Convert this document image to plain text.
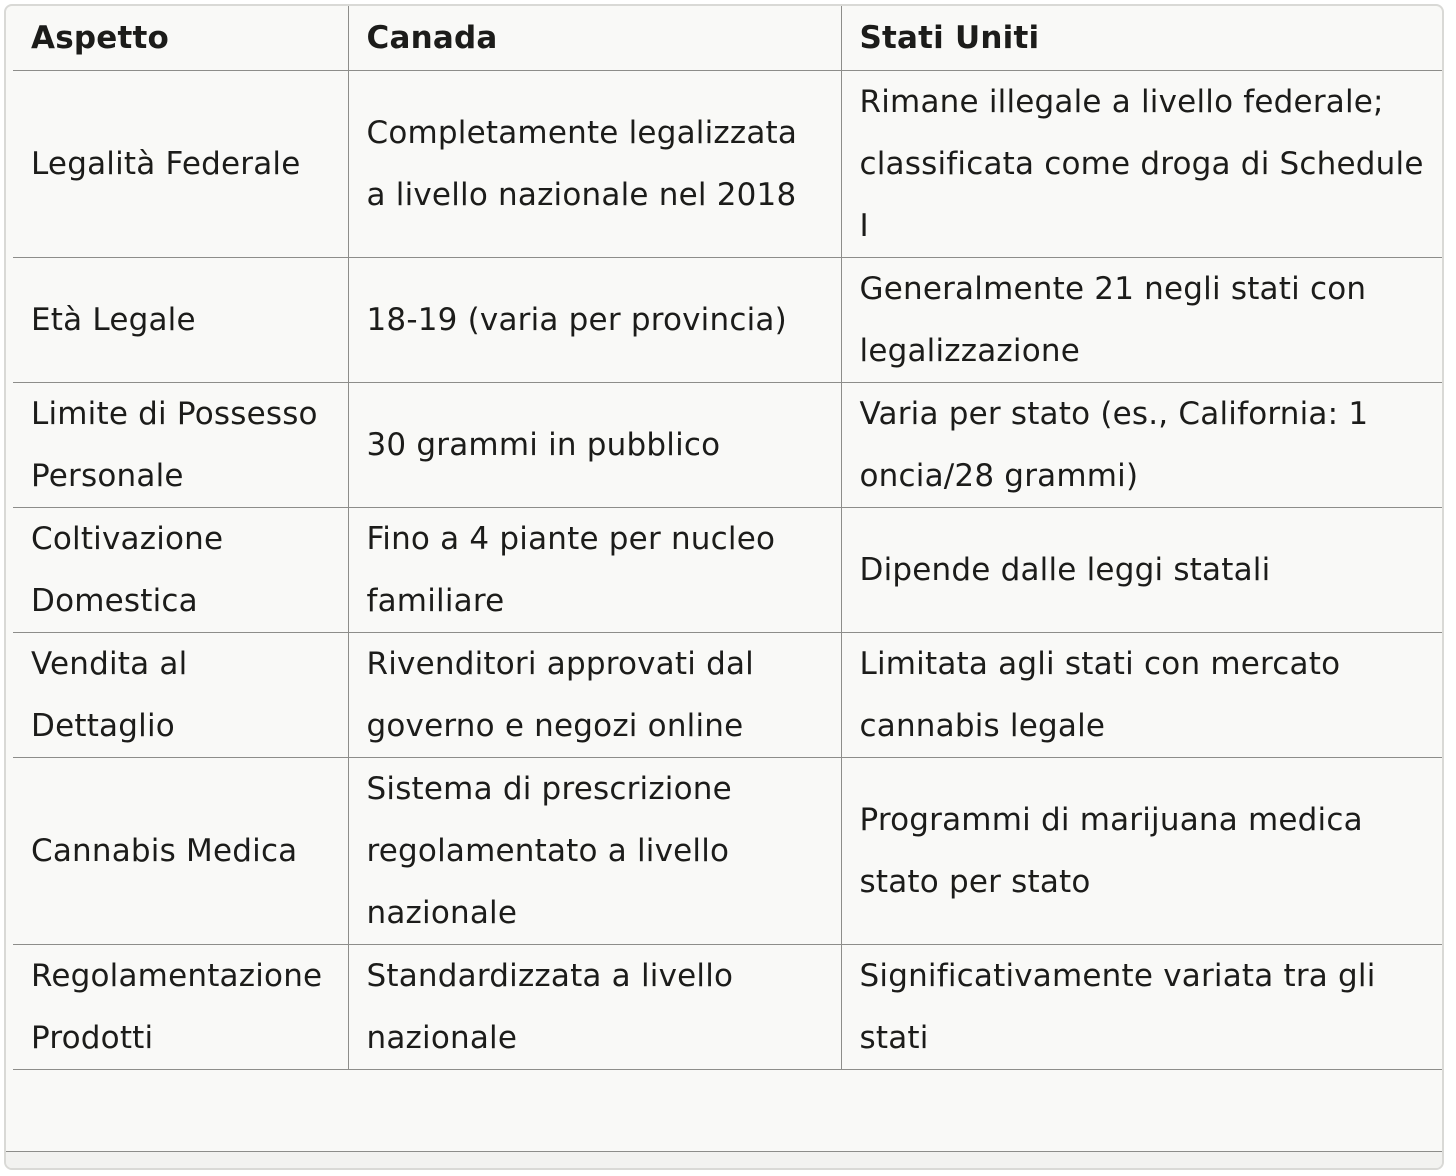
Aspetto	Canada	Stati Uniti
Legalità Federale	Completamente legalizzata a livello nazionale nel 2018	Rimane illegale a livello federale; classificata come droga di Schedule I
Età Legale	18-19 (varia per provincia)	Generalmente 21 negli stati con legalizzazione
Limite di Possesso Personale	30 grammi in pubblico	Varia per stato (es., California: 1 oncia/28 grammi)
Coltivazione Domestica	Fino a 4 piante per nucleo familiare	Dipende dalle leggi statali
Vendita al Dettaglio	Rivenditori approvati dal governo e negozi online	Limitata agli stati con mercato cannabis legale
Cannabis Medica	Sistema di prescrizione regolamentato a livello nazionale	Programmi di marijuana medica stato per stato
Regolamentazione Prodotti	Standardizzata a livello nazionale	Significativamente variata tra gli stati
